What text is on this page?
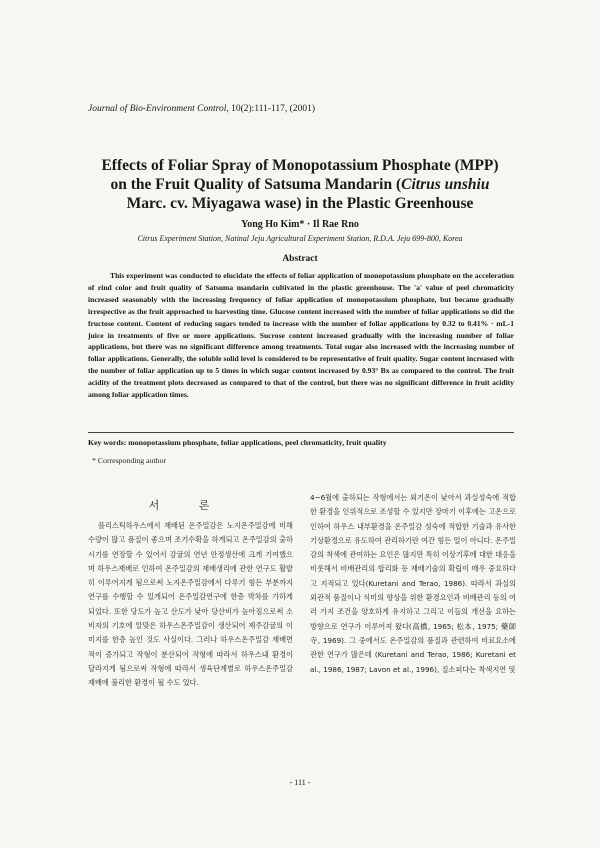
Journal of Bio-Environment Control, 10(2):111-117, (2001)
Effects of Foliar Spray of Monopotassium Phosphate (MPP)
on the Fruit Quality of Satsuma Mandarin (Citrus unshiu
Marc. cv. Miyagawa wase) in the Plastic Greenhouse
Yong Ho Kim* · Il Rae Rno
Citrus Experiment Station, Natinal Jeju Agricultural Experiment Station, R.D.A. Jeju 699-800, Korea
Abstract
This experiment was conducted to elucidate the effects of foliar application of monopotassium phosphate on the acceleration of rind color and fruit quality of Satsuma mandarin cultivated in the plastic greenhouse. The 'a' value of peel chromaticity increased seasonably with the increasing frequency of foliar application of monopotassium phosphate, but became gradually irrespective as the fruit approached to harvesting time. Glucose content increased with the number of foliar applications so did the fructose content. Content of reducing sugars tended to increase with the number of foliar applications by 0.32 to 0.41% · mL-1 juice in treatments of five or more applications. Sucrose content increased gradually with the increasing number of foliar applications, but there was no significant difference among treatments. Total sugar also increased with the increasing number of foliar applications. Generally, the soluble solid level is considered to be representative of fruit quality. Sugar content increased with the number of foliar application up to 5 times in which sugar content increased by 0.93° Bx as compared to the control. The fruit acidity of the treatment plots decreased as compared to that of the control, but there was no significant difference in fruit acidity among foliar application times.
Key words: monopotassium phosphate, foliar applications, peel chromaticity, fruit quality
* Corresponding author
서 론
플리스틱하우스에서 재배된 온주밀감은 노지온주밀감에 비해 수량이 많고 품질이 좋으며 조기수확을 하게되고 온주밀감의 출하시기를 연장할 수 있어서 감귤의 연년 안정생산에 크게 기여했으며 하우스재배로 인하여 온주밀감의 재배생리에 관한 연구도 활발히 이루어지게 됨으로써 노지온주밀감에서 다루기 힘든 부분까지 연구를 수행할 수 있게되어 온주밀감연구에 한층 박차를 가하게 되었다. 또한 당도가 높고 산도가 낮아 당산비가 높아짐으로써 소비자의 기호에 알맞은 하우스온주밀감이 생산되어 제주감귤의 이미지를 한층 높인 것도 사실이다. 그러나 하우스온주밀감 재배면적이 증가되고 작형이 분산되어 작형에 따라서 하우스내 환경이 달라지게 됨으로써 작형에 따라서 생육단계별로 하우스온주밀감재배에 불리한 환경이 될 수도 있다.
4~6월에 출하되는 작형에서는 외기온이 낮아서 과실성숙에 적합한 환경을 인위적으로 조성할 수 있지만 장마기 이후에는 고온으로 인하여 하우스 내부환경을 온주밀감 성숙에 적합한 기술과 유사한 기상환경으로 유도하여 관리하기란 여간 힘든 일이 아니다. 온주밀감의 착색에 관여하는 요인은 많지만 특히 이상기후에 대한 대응을 비롯해서 비배관리의 합리화 등 재배기술의 확립이 매우 중요하다고 지적되고 있다(Kuretani and Terao, 1986). 따라서 과실의 외관적 품질이나 식미의 향상을 위한 환경요인과 비배관리 등의 여러 가지 조건을 양호하게 유지하고 그리고 이들의 개선을 요하는 방향으로 연구가 이루어져 왔다(高橋, 1965; 松本, 1975; 藥師寺, 1969). 그 중에서도 온주밀감의 품질과 관련하여 비료요소에 관한 연구가 많은데 (Kuretani and Terao, 1986; Kuretani et al., 1986, 1987; Lavon et al., 1996), 질소피다는 착색지연 및
- 111 -
